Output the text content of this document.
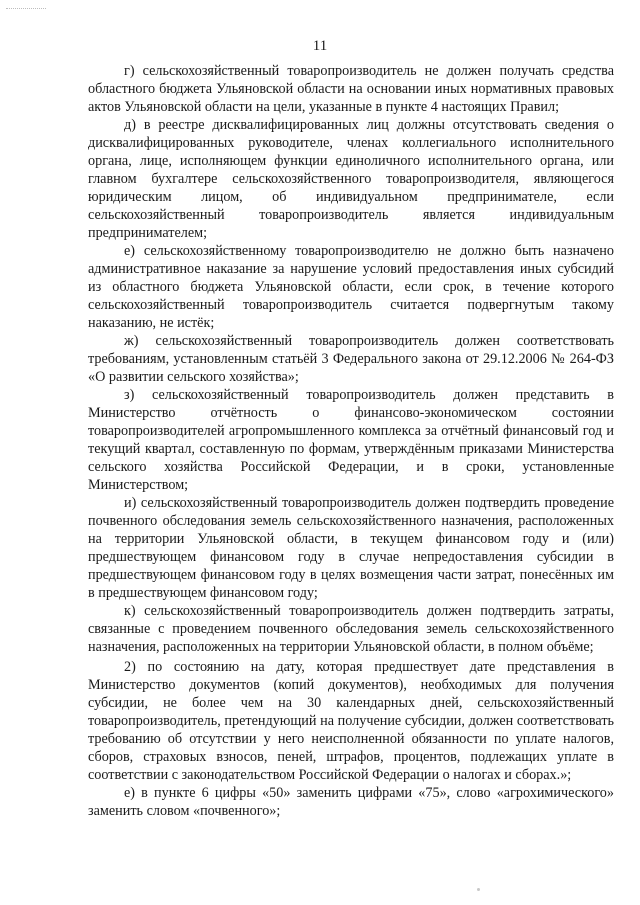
11

г) сельскохозяйственный товаропроизводитель не должен получать средства областного бюджета Ульяновской области на основании иных нормативных правовых актов Ульяновской области на цели, указанные в пункте 4 настоящих Правил;

д) в реестре дисквалифицированных лиц должны отсутствовать сведения о дисквалифицированных руководителе, членах коллегиального исполнительного органа, лице, исполняющем функции единоличного исполнительного органа, или главном бухгалтере сельскохозяйственного товаропроизводителя, являющегося юридическим лицом, об индивидуальном предпринимателе, если сельскохозяйственный товаропроизводитель является индивидуальным предпринимателем;

е) сельскохозяйственному товаропроизводителю не должно быть назначено административное наказание за нарушение условий предоставления иных субсидий из областного бюджета Ульяновской области, если срок, в течение которого сельскохозяйственный товаропроизводитель считается подвергнутым такому наказанию, не истёк;

ж) сельскохозяйственный товаропроизводитель должен соответствовать требованиям, установленным статьёй 3 Федерального закона от 29.12.2006 № 264-ФЗ «О развитии сельского хозяйства»;

з) сельскохозяйственный товаропроизводитель должен представить в Министерство отчётность о финансово-экономическом состоянии товаропроизводителей агропромышленного комплекса за отчётный финансовый год и текущий квартал, составленную по формам, утверждённым приказами Министерства сельского хозяйства Российской Федерации, и в сроки, установленные Министерством;

и) сельскохозяйственный товаропроизводитель должен подтвердить проведение почвенного обследования земель сельскохозяйственного назначения, расположенных на территории Ульяновской области, в текущем финансовом году и (или) предшествующем финансовом году в случае непредоставления субсидии в предшествующем финансовом году в целях возмещения части затрат, понесённых им в предшествующем финансовом году;

к) сельскохозяйственный товаропроизводитель должен подтвердить затраты, связанные с проведением почвенного обследования земель сельскохозяйственного назначения, расположенных на территории Ульяновской области, в полном объёме;

2) по состоянию на дату, которая предшествует дате представления в Министерство документов (копий документов), необходимых для получения субсидии, не более чем на 30 календарных дней, сельскохозяйственный товаропроизводитель, претендующий на получение субсидии, должен соответствовать требованию об отсутствии у него неисполненной обязанности по уплате налогов, сборов, страховых взносов, пеней, штрафов, процентов, подлежащих уплате в соответствии с законодательством Российской Федерации о налогах и сборах.»;

е) в пункте 6 цифры «50» заменить цифрами «75», слово «агрохимического» заменить словом «почвенного»;
